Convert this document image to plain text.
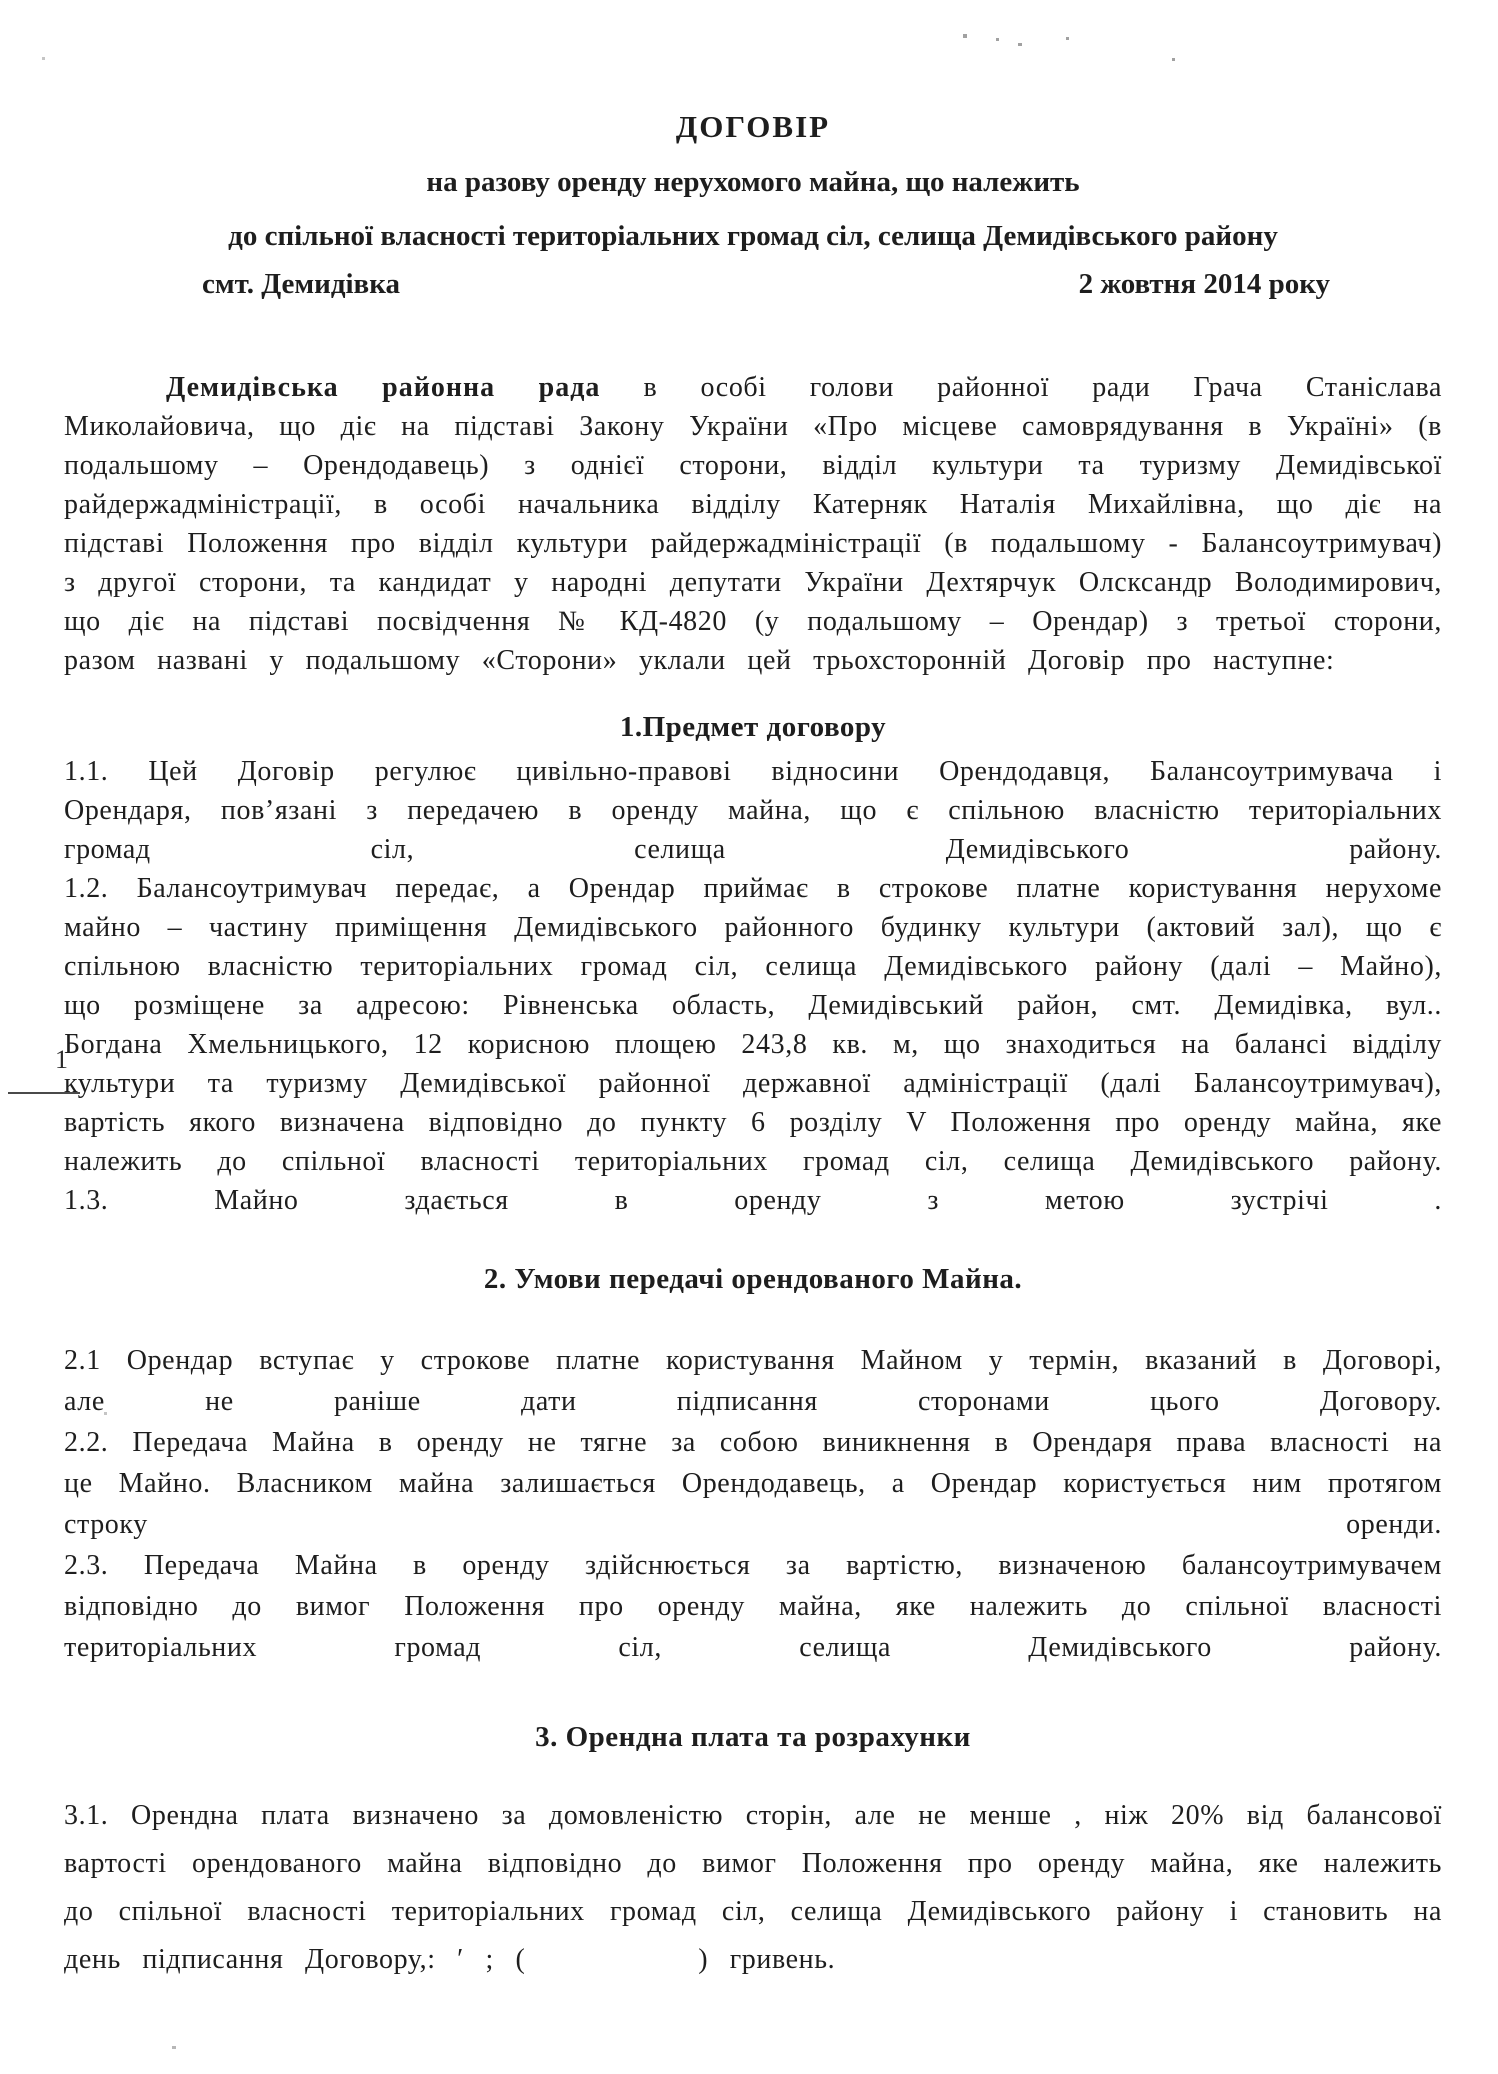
1
ДОГОВІР
на разову оренду нерухомого майна, що належить
до спільної власності територіальних громад сіл, селища Демидівського району
смт. Демидівка	2 жовтня 2014 року
Демидівська районна рада в особі голови районної ради Грача Станіслава Миколайовича, що діє на підставі Закону України «Про місцеве самоврядування в Україні» (в подальшому – Орендодавець) з однієї сторони, відділ культури та туризму Демидівської райдержадміністрації, в особі начальника відділу Катерняк Наталія Михайлівна, що діє на підставі Положення про відділ культури райдержадміністрації (в подальшому - Балансоутримувач) з другої сторони, та кандидат у народні депутати України Дехтярчук Олсксандр Володимирович, що діє на підставі посвідчення № КД-4820 (у подальшому – Орендар) з третьої сторони, разом названі у подальшому «Сторони» уклали цей трьохсторонній Договір про наступне:
1.Предмет договору
1.1. Цей Договір регулює цивільно-правові відносини Орендодавця, Балансоутримувача і Орендаря, пов’язані з передачею в оренду майна, що є спільною власністю територіальних громад сіл, селища Демидівського району.
1.2. Балансоутримувач передає, а Орендар приймає в строкове платне користування нерухоме майно – частину приміщення Демидівського районного будинку культури (актовий зал), що є спільною власністю територіальних громад сіл, селища Демидівського району (далі – Майно), що розміщене за адресою: Рівненська область, Демидівський район, смт. Демидівка, вул.. Богдана Хмельницького, 12 корисною площею 243,8 кв. м, що знаходиться на балансі відділу культури та туризму Демидівської районної державної адміністрації (далі Балансоутримувач), вартість якого визначена відповідно до пункту 6 розділу V Положення про оренду майна, яке належить до спільної власності територіальних громад сіл, селища Демидівського району.
1.3. Майно здається в оренду з метою зустрічі .
2. Умови передачі орендованого Майна.
2.1 Орендар вступає у строкове платне користування Майном у термін, вказаний в Договорі, але не раніше дати підписання сторонами цього Договору.
2.2. Передача Майна в оренду не тягне за собою виникнення в Орендаря права власності на це Майно. Власником майна залишається Орендодавець, а Орендар користується ним протягом строку оренди.
2.3. Передача Майна в оренду здійснюється за вартістю, визначеною балансоутримувачем відповідно до вимог Положення про оренду майна, яке належить до спільної власності територіальних громад сіл, селища Демидівського району.
3. Орендна плата та розрахунки
3.1. Орендна плата визначено за домовленістю сторін, але не менше , ніж 20% від балансової вартості орендованого майна відповідно до вимог Положення про оренду майна, яке належить до спільної власності територіальних громад сіл, селища Демидівського району і становить на день підписання Договору,: ′ ; (        ) гривень.
